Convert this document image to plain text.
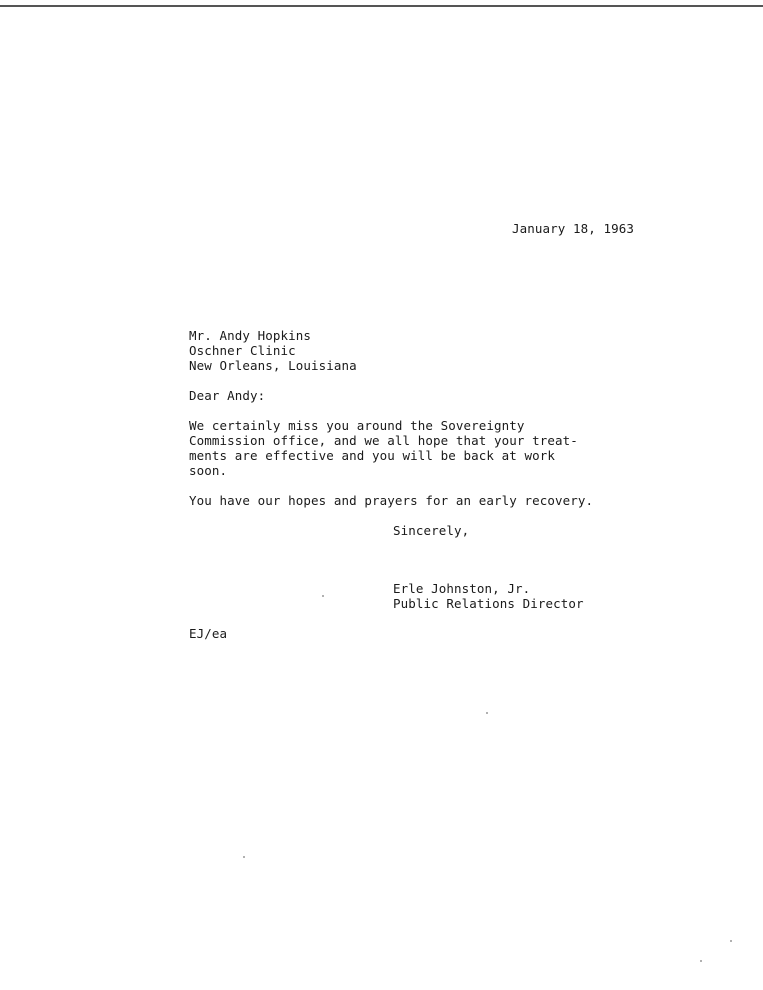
January 18, 1963
Mr. Andy Hopkins
Oschner Clinic
New Orleans, Louisiana
Dear Andy:
We certainly miss you around the Sovereignty
Commission office, and we all hope that your treat-
ments are effective and you will be back at work
soon.
You have our hopes and prayers for an early recovery.
Sincerely,
Erle Johnston, Jr.
Public Relations Director
EJ/ea
